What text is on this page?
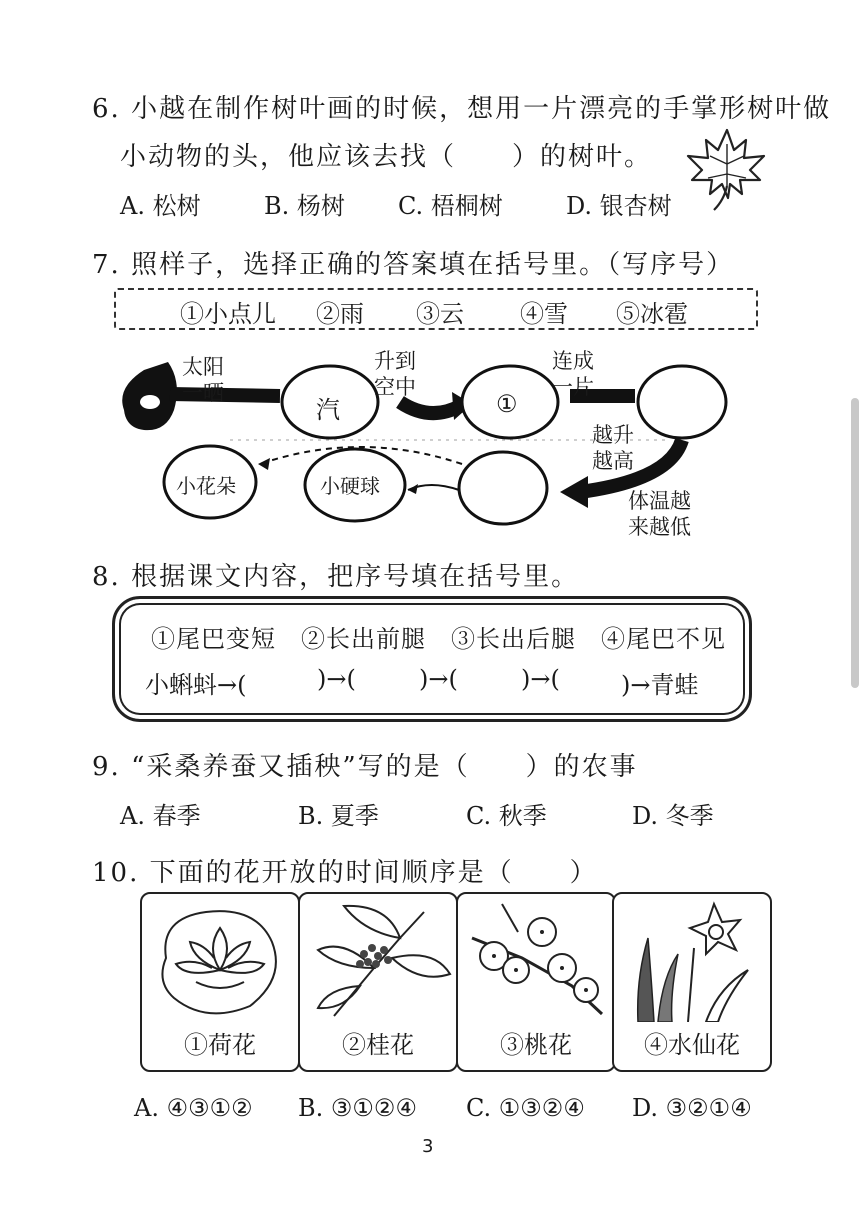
6. 小越在制作树叶画的时候，想用一片漂亮的手掌形树叶做
小动物的头，他应该去找（　　）的树叶。
A. 松树	B. 杨树 C. 梧桐树	D. 银杏树
7. 照样子，选择正确的答案填在括号里。（写序号）
①小点儿 ②雨 ③云 ④雪 ⑤冰雹
太阳
一晒
升到
空中
连成
一片
越升
越高
体温越
来越低
汽	①
小硬球
小花朵
8. 根据课文内容，把序号填在括号里。
①尾巴变短　②长出前腿　③长出后腿　④尾巴不见
小蝌蚪→(	)→(	)→(	)→(	)→青蛙
9. “采桑养蚕又插秧”写的是（　　）的农事
A. 春季	B. 夏季	C. 秋季	D. 冬季
10. 下面的花开放的时间顺序是（　　）
①荷花	②桂花	③桃花	④水仙花
A. ④③①② B. ③①②④ C. ①③②④ D. ③②①④
3
